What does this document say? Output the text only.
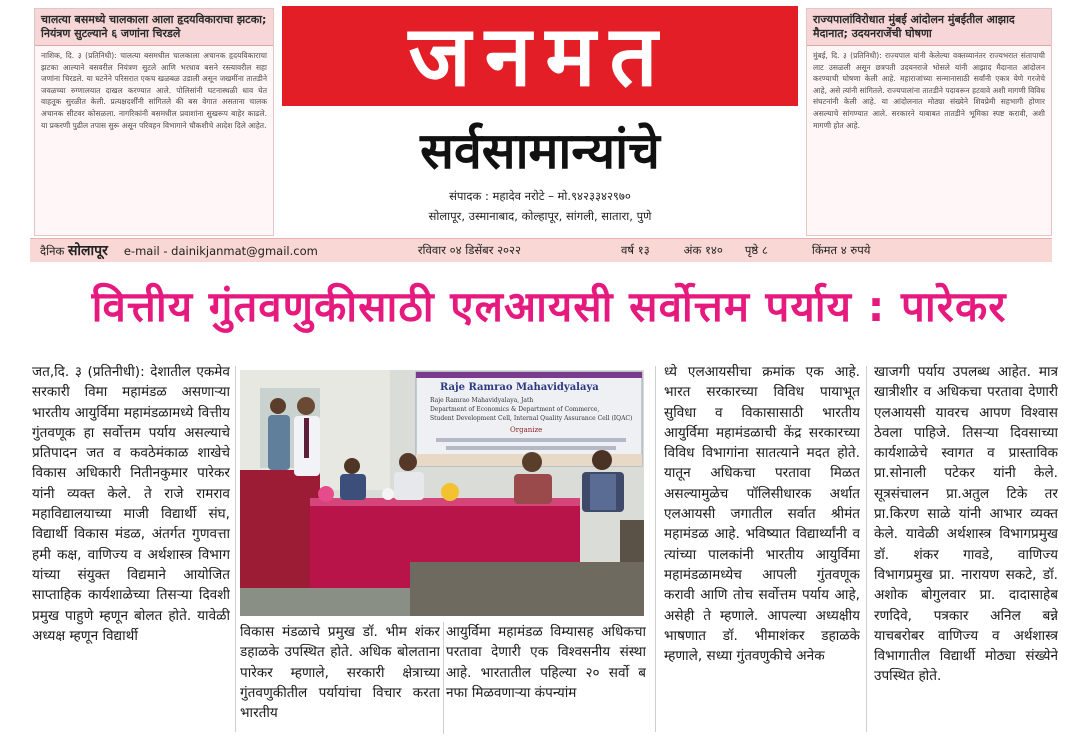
चालत्या बसमध्ये चालकाला आला हृदयविकाराचा झटका; नियंत्रण सुटल्याने ६ जणांना चिरडले
नाशिक, दि. ३ (प्रतिनिधी): चालत्या बसमधील चालकाला अचानक हृदयविकाराचा झटका आल्याने बसवरील नियंत्रण सुटले आणि भरधाव बसने रस्त्यावरील सहा जणांना चिरडले. या घटनेने परिसरात एकच खळबळ उडाली असून जखमींना तातडीने जवळच्या रुग्णालयात दाखल करण्यात आले. पोलिसांनी घटनास्थळी धाव घेत वाहतूक सुरळीत केली. प्रत्यक्षदर्शींनी सांगितले की बस वेगात असताना चालक अचानक सीटवर कोसळला. नागरिकांनी बसमधील प्रवाशांना सुखरूप बाहेर काढले. या प्रकरणी पुढील तपास सुरू असून परिवहन विभागाने चौकशीचे आदेश दिले आहेत.
जनमत
सर्वसामान्यांचे
संपादक : महादेव नरोटे – मो.९४२३३४२९७०
सोलापूर, उस्मानाबाद, कोल्हापूर, सांगली, सातारा, पुणे
राज्यपालांविरोधात मुंबई आंदोलन मुंबईतील आझाद मैदानात; उदयनराजेंची घोषणा
मुंबई, दि. ३ (प्रतिनिधी): राज्यपाल यांनी केलेल्या वक्तव्यानंतर राज्यभरात संतापाची लाट उसळली असून छत्रपती उदयनराजे भोसले यांनी आझाद मैदानात आंदोलन करण्याची घोषणा केली आहे. महाराजांच्या सन्मानासाठी सर्वांनी एकत्र येणे गरजेचे आहे, असे त्यांनी सांगितले. राज्यपालांना तातडीने पदावरून हटवावे अशी मागणी विविध संघटनांनी केली आहे. या आंदोलनात मोठ्या संख्येने शिवप्रेमी सहभागी होणार असल्याचे सांगण्यात आले. सरकारने याबाबत तातडीने भूमिका स्पष्ट करावी, अशी मागणी होत आहे.
दैनिक सोलापूर e-mail - dainikjanmat@gmail.com	रविवार ०४ डिसेंबर २०२२	वर्ष १३	अंक १४० पृष्ठे ८	किंमत ४ रुपये
वित्तीय गुंतवणुकीसाठी एलआयसी सर्वोत्तम पर्याय : पारेकर
जत,दि. ३ (प्रतिनीधी): देशातील एकमेव सरकारी विमा महामंडळ असणाऱ्या भारतीय आयुर्विमा महामंडळामध्ये वित्तीय गुंतवणूक हा सर्वोत्तम पर्याय असल्याचे प्रतिपादन जत व कवठेमंकाळ शाखेचे विकास अधिकारी नितीनकुमार पारेकर यांनी व्यक्त केले. ते राजे रामराव महाविद्यालयाच्या माजी विद्यार्थी संघ, विद्यार्थी विकास मंडळ, अंतर्गत गुणवत्ता हमी कक्ष, वाणिज्य व अर्थशास्त्र विभाग यांच्या संयुक्त विद्यमाने आयोजित साप्ताहिक कार्यशाळेच्या तिसऱ्या दिवशी प्रमुख पाहुणे म्हणून बोलत होते. यावेळी अध्यक्ष म्हणून विद्यार्थी
Raje Ramrao Mahavidyalaya
Raje Ramrao Mahavidyalaya, Jath
Department of Economics & Department of Commerce,
Student Development Cell, Internal Quality Assurance Cell (IQAC)
Organize
विकास मंडळाचे प्रमुख डॉ. भीम शंकर डहाळके उपस्थित होते. अधिक बोलताना पारेकर म्हणाले, सरकारी क्षेत्राच्या गुंतवणुकीतील पर्यायांचा विचार करता भारतीय
आयुर्विमा महामंडळ विम्यासह अधिकचा परतावा देणारी एक विश्वसनीय संस्था आहे. भारतातील पहिल्या २० सर्वो ब नफा मिळवणाऱ्या कंपन्यांम
ध्ये एलआयसीचा क्रमांक एक आहे. भारत सरकारच्या विविध पायाभूत सुविधा व विकासासाठी भारतीय आयुर्विमा महामंडळाची केंद्र सरकारच्या विविध विभागांना सातत्याने मदत होते. यातून अधिकचा परतावा मिळत असल्यामुळेच पॉलिसीधारक अर्थात एलआयसी जगातील सर्वात श्रीमंत महामंडळ आहे. भविष्यात विद्यार्थ्यांनी व त्यांच्या पालकांनी भारतीय आयुर्विमा महामंडळामध्येच आपली गुंतवणूक करावी आणि तोच सर्वोत्तम पर्याय आहे, असेही ते म्हणाले. आपल्या अध्यक्षीय भाषणात डॉ. भीमाशंकर डहाळके म्हणाले, सध्या गुंतवणुकीचे अनेक
खाजगी पर्याय उपलब्ध आहेत. मात्र खात्रीशीर व अधिकचा परतावा देणारी एलआयसी यावरच आपण विश्वास ठेवला पाहिजे. तिसऱ्या दिवसाच्या कार्यशाळेचे स्वागत व प्रास्ताविक प्रा.सोनाली पटेकर यांनी केले. सूत्रसंचालन प्रा.अतुल टिके तर प्रा.किरण साळे यांनी आभार व्यक्त केले. यावेळी अर्थशास्त्र विभागप्रमुख डॉ. शंकर गावडे, वाणिज्य विभागप्रमुख प्रा. नारायण सकटे, डॉ. अशोक बोगुलवार प्रा. दादासाहेब रणदिवे, पत्रकार अनिल बन्ने याचबरोबर वाणिज्य व अर्थशास्त्र विभागातील विद्यार्थी मोठ्या संख्येने उपस्थित होते.
